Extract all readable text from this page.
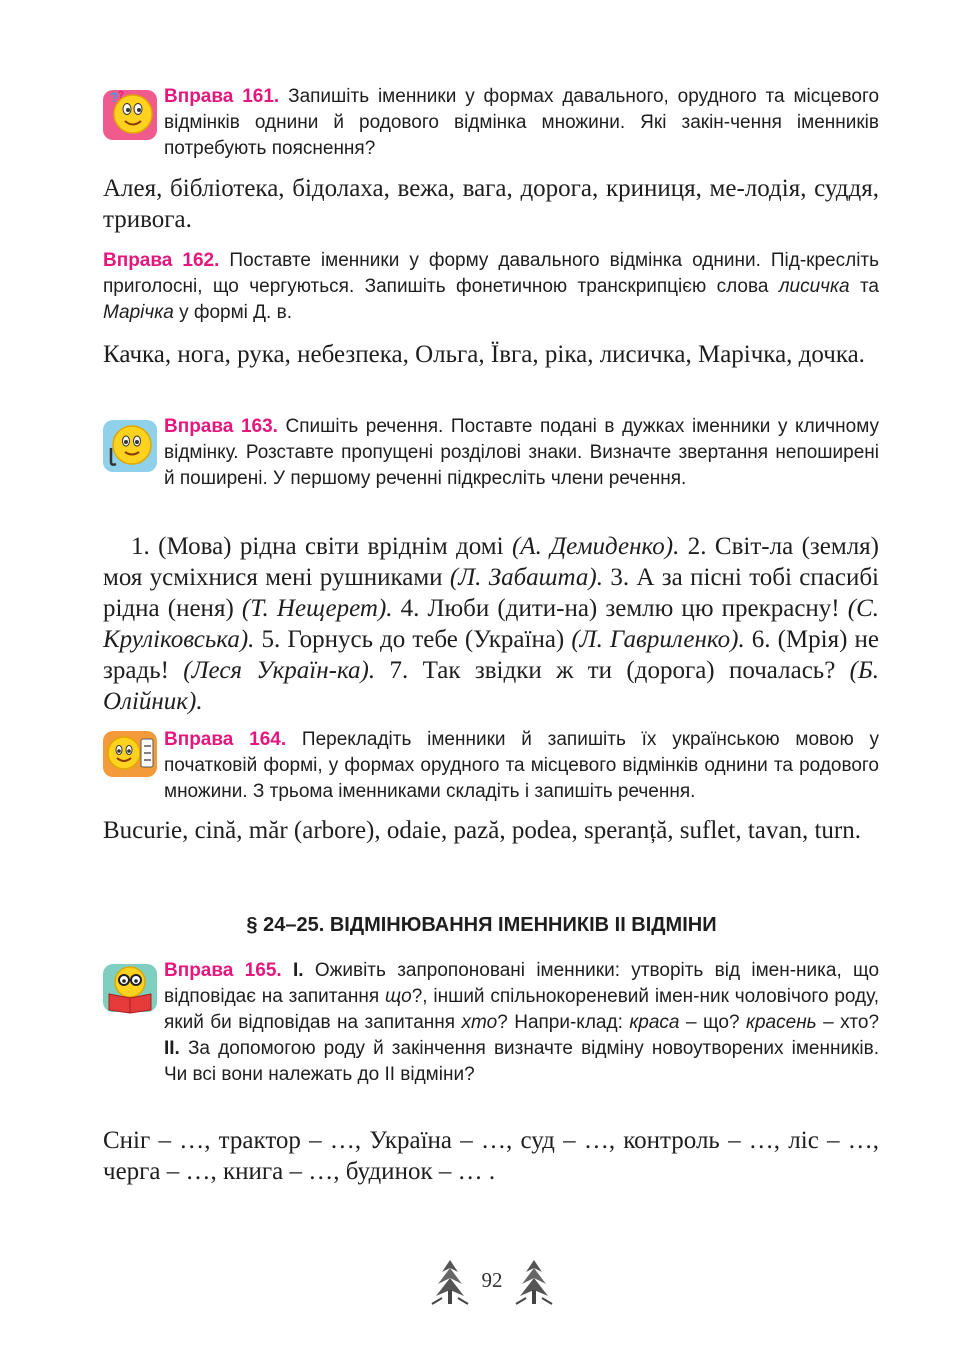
? ? Вправа 161. Запишіть іменники у формах давального, орудного та місцевого відмінків однини й родового відмінка множини. Які закін-чення іменників потребують пояснення?
Алея, бібліотека, бідолаха, вежа, вага, дорога, криниця, ме-лодія, суддя, тривога.
Вправа 162. Поставте іменники у форму давального відмінка однини. Під-кресліть приголосні, що чергуються. Запишіть фонетичною транскрипцією слова лисичка та Марічка у формі Д. в.
Качка, нога, рука, небезпека, Ольга, Ївга, ріка, лисичка, Марічка, дочка.
Вправа 163. Спишіть речення. Поставте подані в дужках іменники у кличному відмінку. Розставте пропущені розділові знаки. Визначте звертання непоширені й поширені. У першому реченні підкресліть члени речення.
1. (Мова) рідна світи вріднім домі (А. Демиденко). 2. Світ-ла (земля) моя усміхнися мені рушниками (Л. Забашта). 3. А за пісні тобі спасибі рідна (неня) (Т. Нещерет). 4. Люби (дити-на) землю цю прекрасну! (С. Круліковська). 5. Горнусь до тебе (Україна) (Л. Гавриленко). 6. (Мрія) не зрадь! (Леся Україн-ка). 7. Так звідки ж ти (дорога) почалась? (Б. Олійник).
Вправа 164. Перекладіть іменники й запишіть їх українською мовою у початковій формі, у формах орудного та місцевого відмінків однини та родового множини. З трьома іменниками складіть і запишіть речення.
Bucurie, cină, măr (arbore), odaie, pază, podea, speranță, suflet, tavan, turn.
§ 24–25. ВІДМІНЮВАННЯ ІМЕННИКІВ ІІ ВІДМІНИ
Вправа 165. І. Оживіть запропоновані іменники: утворіть від імен-ника, що відповідає на запитання що?, інший спільнокореневий імен-ник чоловічого роду, який би відповідав на запитання хто? Напри-клад: краса – що? красень – хто? ІІ. За допомогою роду й закінчення визначте відміну новоутворених іменників. Чи всі вони належать до ІІ відміни?
Сніг – …, трактор – …, Україна – …, суд – …, контроль – …, ліс – …, черга – …, книга – …, будинок – … .
92
